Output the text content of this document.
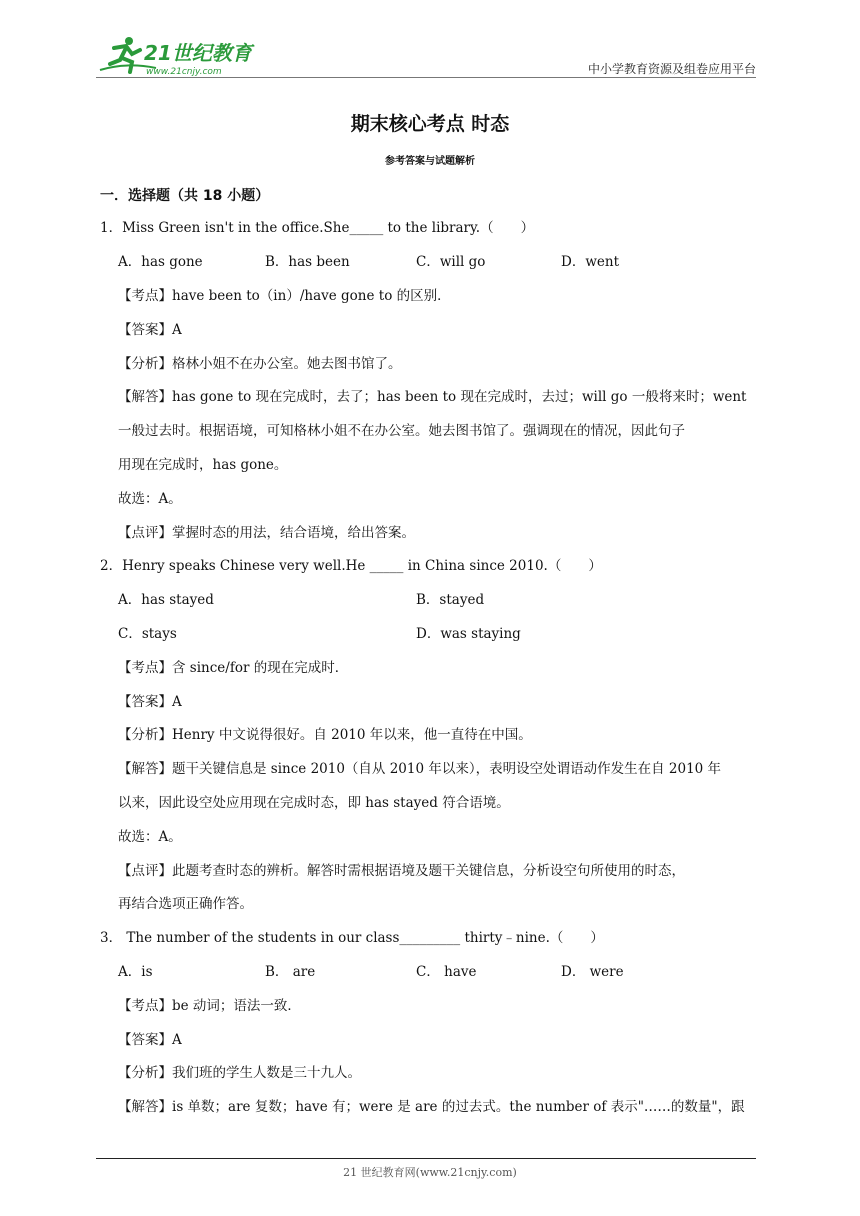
21世纪教育
www.21cnjy.com	中小学教育资源及组卷应用平台
期末核心考点 时态
参考答案与试题解析
一．选择题（共 18 小题）
1．Miss Green isn't in the office.She_____ to the library.（　　）
A．has gone	B．has been	C．will go	D．went
【考点】have been to（in）/have gone to 的区别．
【答案】A
【分析】格林小姐不在办公室。她去图书馆了。
【解答】has gone to 现在完成时，去了；has been to 现在完成时，去过；will go 一般将来时；went
一般过去时。根据语境，可知格林小姐不在办公室。她去图书馆了。强调现在的情况，因此句子
用现在完成时，has gone。
故选：A。
【点评】掌握时态的用法，结合语境，给出答案。
2．Henry speaks Chinese very well.He _____ in China since 2010.（　　）
A．has stayed	B．stayed
C．stays	D．was staying
【考点】含 since/for 的现在完成时．
【答案】A
【分析】Henry 中文说得很好。自 2010 年以来，他一直待在中国。
【解答】题干关键信息是 since 2010（自从 2010 年以来），表明设空处谓语动作发生在自 2010 年
以来，因此设空处应用现在完成时态，即 has stayed 符合语境。
故选：A。
【点评】此题考查时态的辨析。解答时需根据语境及题干关键信息，分析设空句所使用的时态，
再结合选项正确作答。
3． The number of the students in our class_________ thirty﹣nine.（　　）
A．is	B． are	C． have	D． were
【考点】be 动词；语法一致．
【答案】A
【分析】我们班的学生人数是三十九人。
【解答】is 单数；are 复数；have 有；were 是 are 的过去式。the number of 表示"……的数量"，跟
21 世纪教育网(www.21cnjy.com)
